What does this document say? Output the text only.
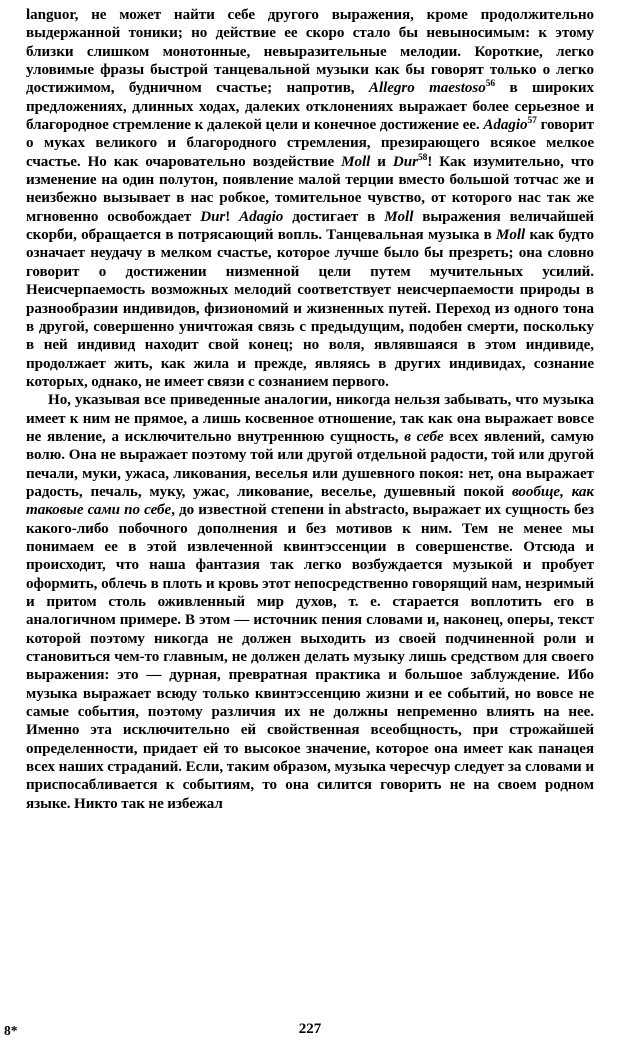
languor, не может найти себе другого выражения, кроме продолжительно выдержанной тоники; но действие ее скоро стало бы невыносимым: к этому близки слишком монотонные, невыразительные мелодии. Короткие, легко уловимые фразы быстрой танцевальной музыки как бы говорят только о легко достижимом, будничном счастье; напротив, Allegro maestoso$^{56}$ в широких предложениях, длинных ходах, далеких отклонениях выражает более серьезное и благородное стремление к далекой цели и конечное достижение ее. Adagio$^{57}$ говорит о муках великого и благородного стремления, презирающего всякое мелкое счастье. Но как очаровательно воздействие Moll и Dur$^{58}$! Как изумительно, что изменение на один полутон, появление малой терции вместо большой тотчас же и неизбежно вызывает в нас робкое, томительное чувство, от которого нас так же мгновенно освобождает Dur! Adagio достигает в Moll выражения величайшей скорби, обращается в потрясающий вопль. Танцевальная музыка в Moll как будто означает неудачу в мелком счастье, которое лучше было бы презреть; она словно говорит о достижении низменной цели путем мучительных усилий. Неисчерпаемость возможных мелодий соответствует неисчерпаемости природы в разнообразии индивидов, физиономий и жизненных путей. Переход из одного тона в другой, совершенно уничтожая связь с предыдущим, подобен смерти, поскольку в ней индивид находит свой конец; но воля, являвшаяся в этом индивиде, продолжает жить, как жила и прежде, являясь в других индивидах, сознание которых, однако, не имеет связи с сознанием первого.

Но, указывая все приведенные аналогии, никогда нельзя забывать, что музыка имеет к ним не прямое, а лишь косвенное отношение, так как она выражает вовсе не явление, а исключительно внутреннюю сущность, в себе всех явлений, самую волю. Она не выражает поэтому той или другой отдельной радости, той или другой печали, муки, ужаса, ликования, веселья или душевного покоя: нет, она выражает радость, печаль, муку, ужас, ликование, веселье, душевный покой вообще, как таковые сами по себе, до известной степени in abstracto, выражает их сущность без какого-либо побочного дополнения и без мотивов к ним. Тем не менее мы понимаем ее в этой извлеченной квинтэссенции в совершенстве. Отсюда и происходит, что наша фантазия так легко возбуждается музыкой и пробует оформить, облечь в плоть и кровь этот непосредственно говорящий нам, незримый и притом столь оживленный мир духов, т. е. старается воплотить его в аналогичном примере. В этом — источник пения словами и, наконец, оперы, текст которой поэтому никогда не должен выходить из своей подчиненной роли и становиться чем-то главным, не должен делать музыку лишь средством для своего выражения: это — дурная, превратная практика и большое заблуждение. Ибо музыка выражает всюду только квинтэссенцию жизни и ее событий, но вовсе не самые события, поэтому различия их не должны непременно влиять на нее. Именно эта исключительно ей свойственная всеобщность, при строжайшей определенности, придает ей то высокое значение, которое она имеет как панацея всех наших страданий. Если, таким образом, музыка чересчур следует за словами и приспосабливается к событиям, то она силится говорить не на своем родном языке. Никто так не избежал

8*	227
